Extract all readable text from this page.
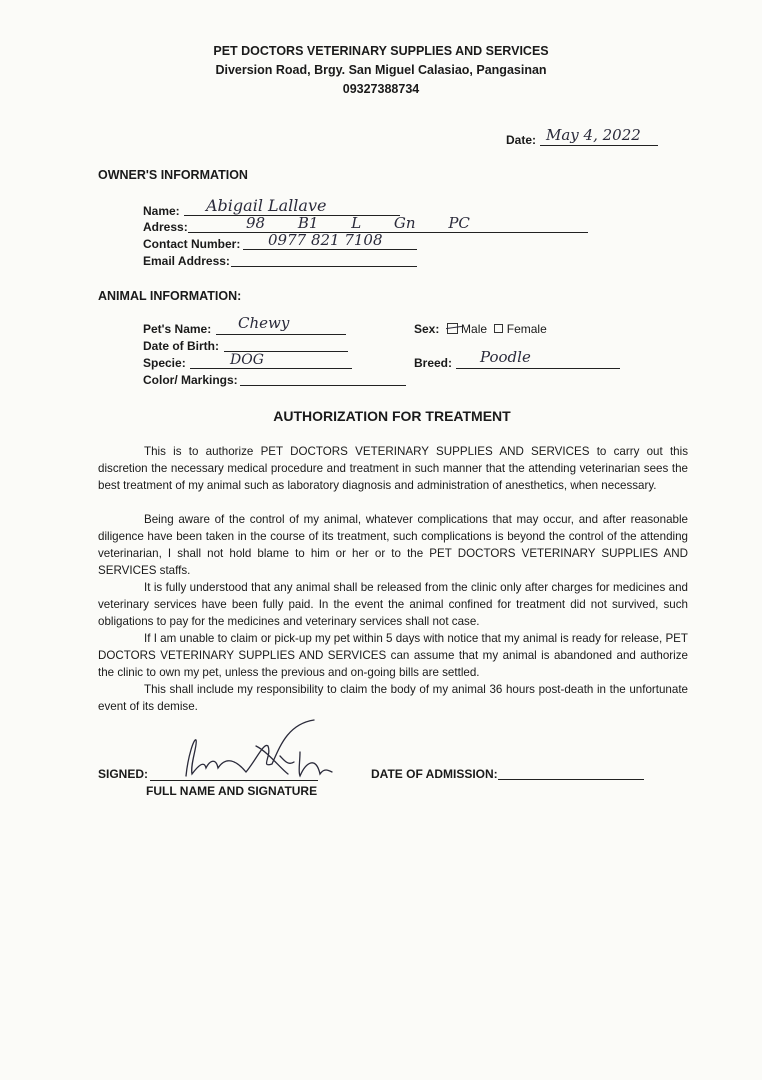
PET DOCTORS VETERINARY SUPPLIES AND SERVICES
Diversion Road, Brgy. San Miguel Calasiao, Pangasinan
09327388734
Date: May 4, 2022
OWNER'S INFORMATION
Name: Abigail Lallave
Adress:	98 B1 L Gn PC
Contact Number: 0977 821 7108
Email Address:
ANIMAL INFORMATION:
Pet's Name: Chewy
Date of Birth:
Specie:	DOG
Color/ Markings:
Sex: Male Female
Breed: Poodle
AUTHORIZATION FOR TREATMENT

This is to authorize PET DOCTORS VETERINARY SUPPLIES AND SERVICES to carry out this discretion the necessary medical procedure and treatment in such manner that the attending veterinarian sees the best treatment of my animal such as laboratory diagnosis and administration of anesthetics, when necessary.

Being aware of the control of my animal, whatever complications that may occur, and after reasonable diligence have been taken in the course of its treatment, such complications is beyond the control of the attending veterinarian, I shall not hold blame to him or her or to the PET DOCTORS VETERINARY SUPPLIES AND SERVICES staffs.

It is fully understood that any animal shall be released from the clinic only after charges for medicines and veterinary services have been fully paid. In the event the animal confined for treatment did not survived, such obligations to pay for the medicines and veterinary services shall not case.

If I am unable to claim or pick-up my pet within 5 days with notice that my animal is ready for release, PET DOCTORS VETERINARY SUPPLIES AND SERVICES can assume that my animal is abandoned and authorize the clinic to own my pet, unless the previous and on-going bills are settled.

This shall include my responsibility to claim the body of my animal 36 hours post-death in the unfortunate event of its demise.

SIGNED:
FULL NAME AND SIGNATURE
DATE OF ADMISSION:
